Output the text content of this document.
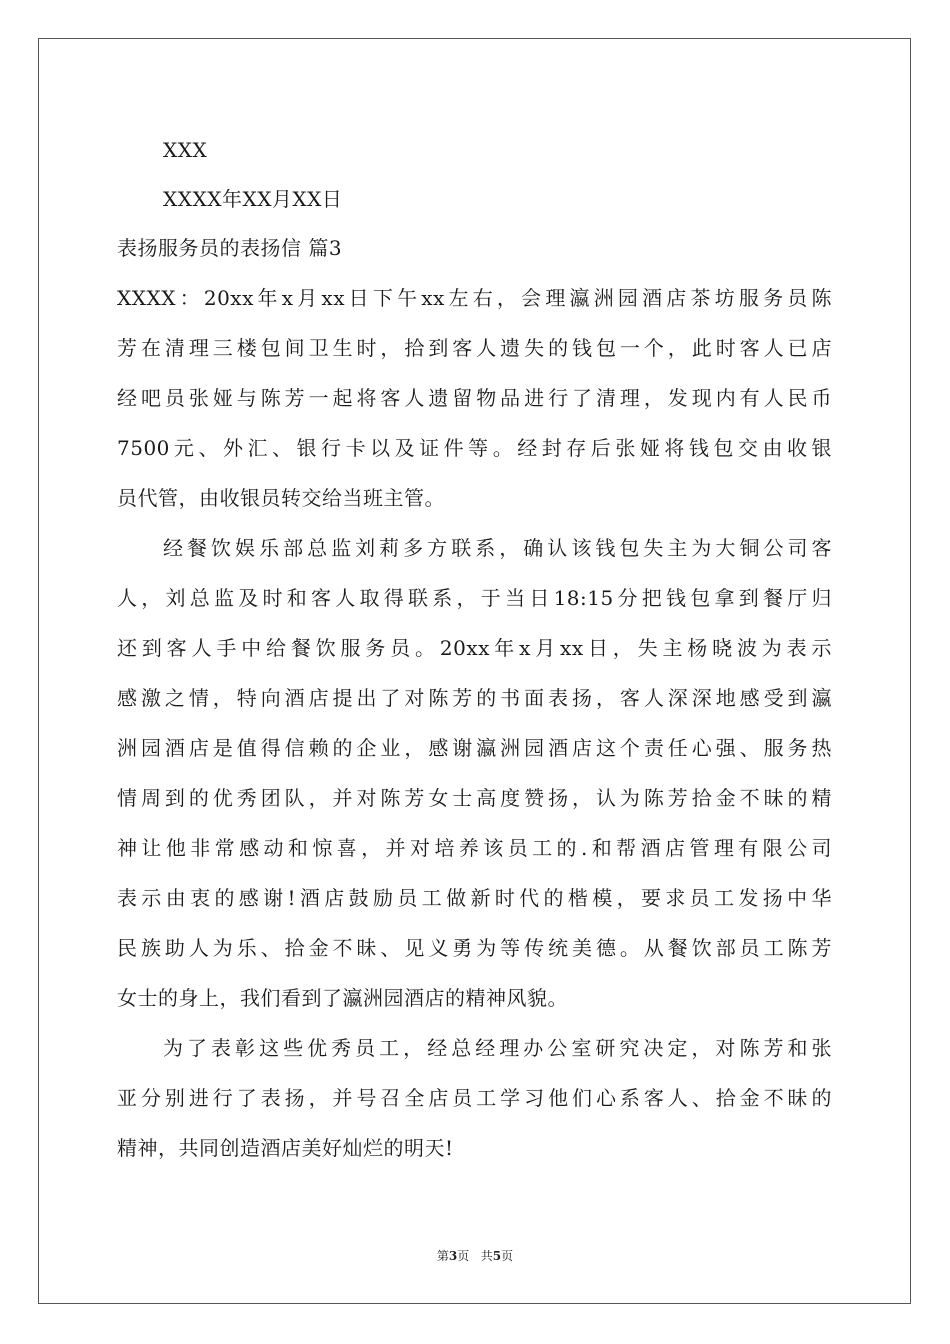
XXX
XXXX年XX月XX日
表扬服务员的表扬信 篇3
XXXX：20xx年x月xx日下午xx左右，会理瀛洲园酒店茶坊服务员陈
芳在清理三楼包间卫生时，拾到客人遗失的钱包一个，此时客人已店
经吧员张娅与陈芳一起将客人遗留物品进行了清理，发现内有人民币
7500元、外汇、银行卡以及证件等。经封存后张娅将钱包交由收银
员代管，由收银员转交给当班主管。
经餐饮娱乐部总监刘莉多方联系，确认该钱包失主为大铜公司客
人，刘总监及时和客人取得联系，于当日18:15分把钱包拿到餐厅归
还到客人手中给餐饮服务员。20xx年x月xx日，失主杨晓波为表示
感激之情，特向酒店提出了对陈芳的书面表扬，客人深深地感受到瀛
洲园酒店是值得信赖的企业，感谢瀛洲园酒店这个责任心强、服务热
情周到的优秀团队，并对陈芳女士高度赞扬，认为陈芳拾金不昧的精
神让他非常感动和惊喜，并对培养该员工的.和帮酒店管理有限公司
表示由衷的感谢!酒店鼓励员工做新时代的楷模，要求员工发扬中华
民族助人为乐、拾金不昧、见义勇为等传统美德。从餐饮部员工陈芳
女士的身上，我们看到了瀛洲园酒店的精神风貌。
为了表彰这些优秀员工，经总经理办公室研究决定，对陈芳和张
亚分别进行了表扬，并号召全店员工学习他们心系客人、拾金不昧的
精神，共同创造酒店美好灿烂的明天!
第3页 共5页
